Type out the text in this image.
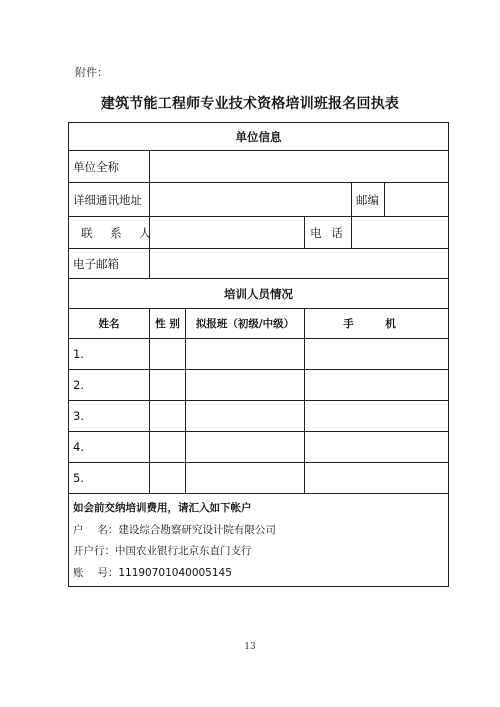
附件：
建筑节能工程师专业技术资格培训班报名回执表
单位信息					
单位全称					
详细通讯地址				邮编	
联 系 人			电 话		
电子邮箱					
培训人员情况					
姓名	性 别	拟报班（初级/中级）	手 机		
1.					
2.					
3.					
4.					
5.					

如会前交纳培训费用，请汇入如下帐户
户　 名：建设综合勘察研究设计院有限公司
开户行：中国农业银行北京东直门支行
账　 号：11190701040005145					
13
